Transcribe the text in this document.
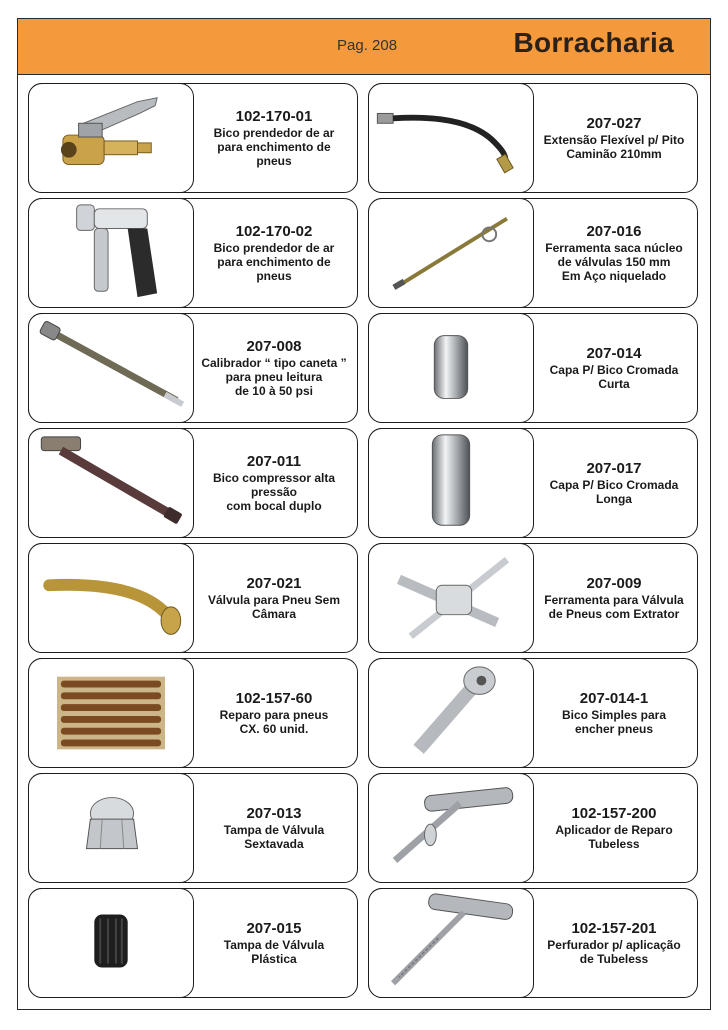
Pag. 208	Borracharia
102-170-01
Bico prendedor de ar
para enchimento de
pneus
207-027
Extensão Flexível p/ Pito
Caminão 210mm
102-170-02
Bico prendedor de ar
para enchimento de
pneus
207-016
Ferramenta saca núcleo
de válvulas 150 mm
Em Aço niquelado
207-008
Calibrador “ tipo caneta ”
para pneu leitura
de 10 à 50 psi
207-014
Capa P/ Bico Cromada
Curta
207-011
Bico compressor alta
pressão
com bocal duplo
207-017
Capa P/ Bico Cromada
Longa
207-021
Válvula para Pneu Sem
Câmara
207-009
Ferramenta para Válvula
de Pneus com Extrator
102-157-60
Reparo para pneus
CX. 60 unid.
207-014-1
Bico Simples para
encher pneus
207-013
Tampa de Válvula
Sextavada
102-157-200
Aplicador de Reparo
Tubeless
207-015
Tampa de Válvula
Plástica
102-157-201
Perfurador p/ aplicação
de Tubeless
